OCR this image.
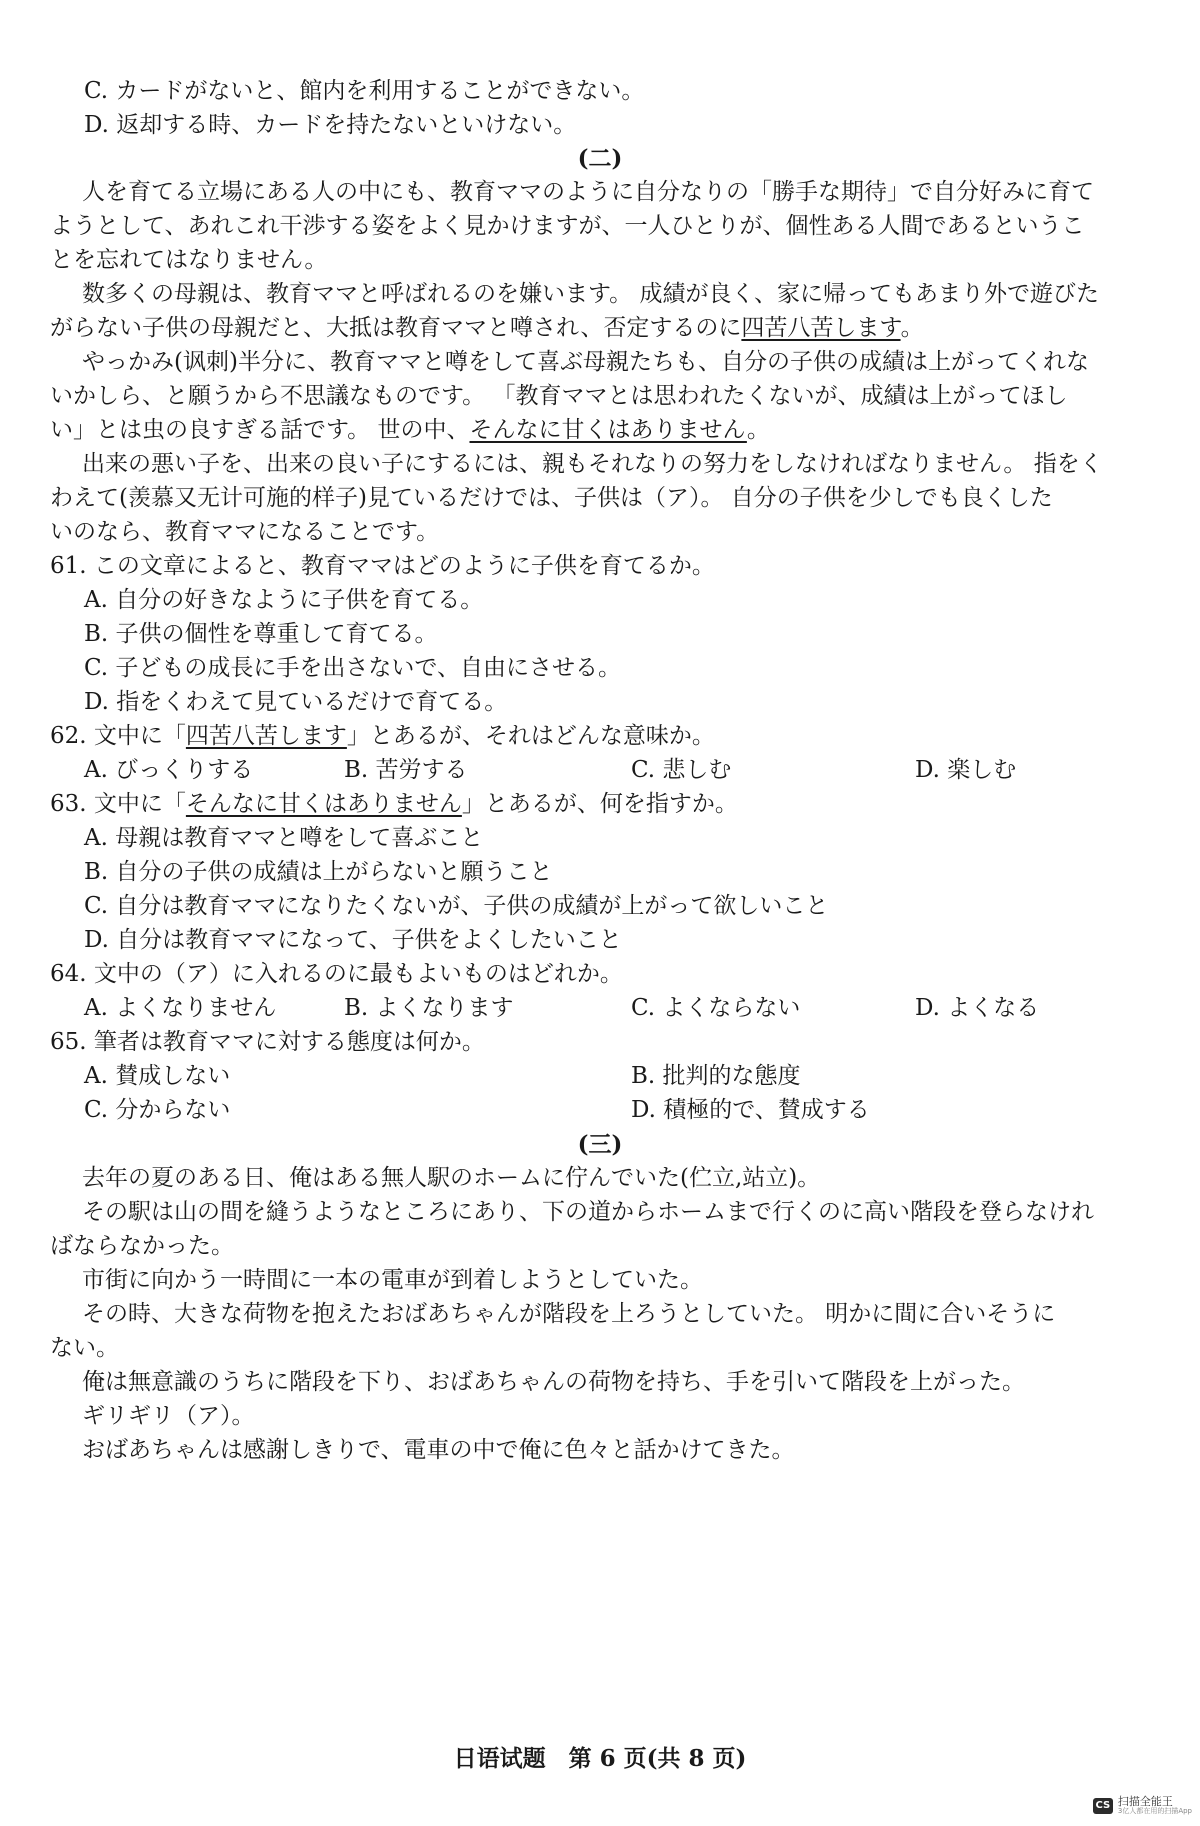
C. カードがないと、館内を利用することができない。
D. 返却する時、カードを持たないといけない。
(二)
人を育てる立場にある人の中にも、教育ママのように自分なりの「勝手な期待」で自分好みに育て
ようとして、あれこれ干渉する姿をよく見かけますが、一人ひとりが、個性ある人間であるというこ
とを忘れてはなりません。
数多くの母親は、教育ママと呼ばれるのを嫌います。 成績が良く、家に帰ってもあまり外で遊びた
がらない子供の母親だと、大抵は教育ママと噂され、否定するのに四苦八苦します。
やっかみ(讽刺)半分に、教育ママと噂をして喜ぶ母親たちも、自分の子供の成績は上がってくれな
いかしら、と願うから不思議なものです。 「教育ママとは思われたくないが、成績は上がってほし
い」とは虫の良すぎる話です。 世の中、そんなに甘くはありません。
出来の悪い子を、出来の良い子にするには、親もそれなりの努力をしなければなりません。 指をく
わえて(羡慕又无计可施的样子)見ているだけでは、子供は（ア）。 自分の子供を少しでも良くした
いのなら、教育ママになることです。
61. この文章によると、教育ママはどのように子供を育てるか。
A. 自分の好きなように子供を育てる。
B. 子供の個性を尊重して育てる。
C. 子どもの成長に手を出さないで、自由にさせる。
D. 指をくわえて見ているだけで育てる。
62. 文中に「四苦八苦します」とあるが、それはどんな意味か。
A. びっくりする	B. 苦労する	C. 悲しむ	D. 楽しむ
63. 文中に「そんなに甘くはありません」とあるが、何を指すか。
A. 母親は教育ママと噂をして喜ぶこと
B. 自分の子供の成績は上がらないと願うこと
C. 自分は教育ママになりたくないが、子供の成績が上がって欲しいこと
D. 自分は教育ママになって、子供をよくしたいこと
64. 文中の（ア）に入れるのに最もよいものはどれか。
A. よくなりません	B. よくなります	C. よくならない	D. よくなる
65. 筆者は教育ママに対する態度は何か。
A. 賛成しない	B. 批判的な態度
C. 分からない	D. 積極的で、賛成する
(三)
去年の夏のある日、俺はある無人駅のホームに佇んでいた(伫立,站立)。
その駅は山の間を縫うようなところにあり、下の道からホームまで行くのに高い階段を登らなけれ
ばならなかった。
市街に向かう一時間に一本の電車が到着しようとしていた。
その時、大きな荷物を抱えたおばあちゃんが階段を上ろうとしていた。 明かに間に合いそうに
ない。
俺は無意識のうちに階段を下り、おばあちゃんの荷物を持ち、手を引いて階段を上がった。
ギリギリ（ア）。
おばあちゃんは感謝しきりで、電車の中で俺に色々と話かけてきた。
日语试题　第 6 页(共 8 页)
CS 扫描全能王
3亿人都在用的扫描App
